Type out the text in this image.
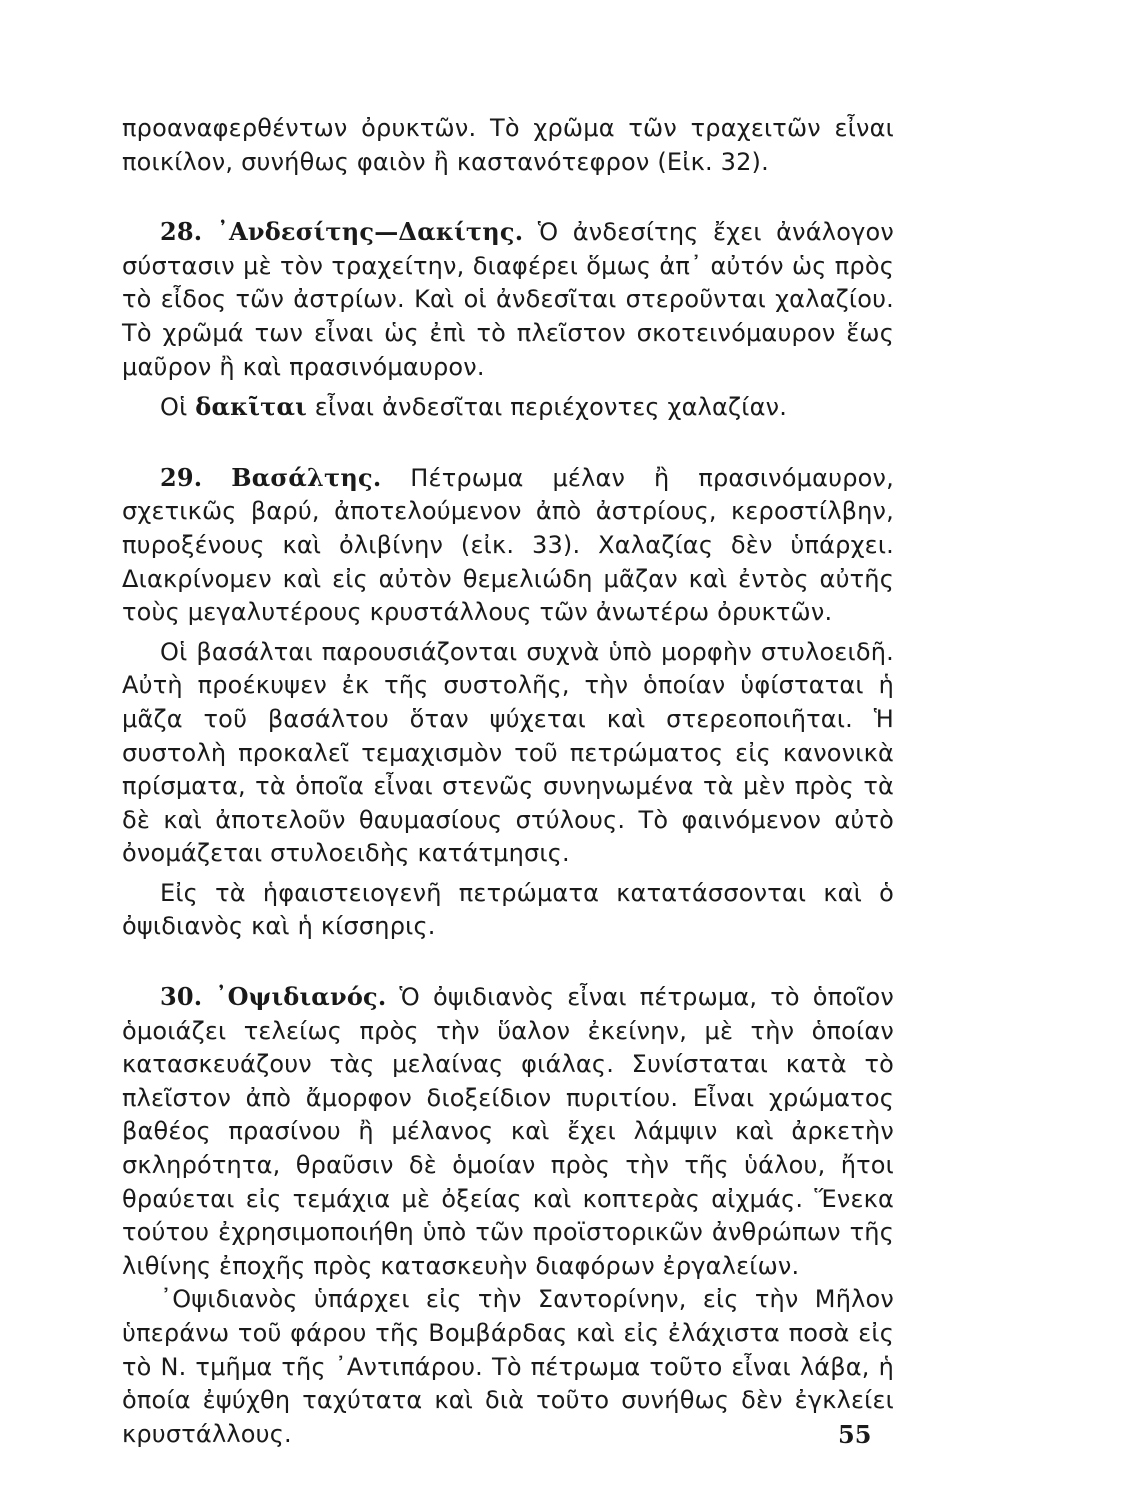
προαναφερθέντων ὀρυκτῶν. Τὸ χρῶμα τῶν τραχειτῶν εἶναι ποικίλον, συνήθως φαιὸν ἢ καστανότεφρον (Εἰκ. 32).

28. ᾿Ανδεσίτης—Δακίτης. Ὁ ἀνδεσίτης ἔχει ἀνάλογον σύστασιν μὲ τὸν τραχείτην, διαφέρει ὅμως ἀπ᾿ αὐτόν ὡς πρὸς τὸ εἶδος τῶν ἀστρίων. Καὶ οἱ ἀνδεσῖται στεροῦνται χαλαζίου. Τὸ χρῶμά των εἶναι ὡς ἐπὶ τὸ πλεῖστον σκοτεινόμαυρον ἕως μαῦρον ἢ καὶ πρασινόμαυρον.

Οἱ δακῖται εἶναι ἀνδεσῖται περιέχοντες χαλαζίαν.

29. Βασάλτης. Πέτρωμα μέλαν ἢ πρασινόμαυρον, σχετικῶς βαρύ, ἀποτελούμενον ἀπὸ ἀστρίους, κεροστίλβην, πυροξένους καὶ ὀλιβίνην (εἰκ. 33). Χαλαζίας δὲν ὑπάρχει. Διακρίνομεν καὶ εἰς αὐτὸν θεμελιώδη μᾶζαν καὶ ἐντὸς αὐτῆς τοὺς μεγαλυτέρους κρυστάλλους τῶν ἀνωτέρω ὀρυκτῶν.

Οἱ βασάλται παρουσιάζονται συχνὰ ὑπὸ μορφὴν στυλοειδῆ. Αὐτὴ προέκυψεν ἐκ τῆς συστολῆς, τὴν ὁποίαν ὑφίσταται ἡ μᾶζα τοῦ βασάλτου ὅταν ψύχεται καὶ στερεοποιῆται. Ἡ συστολὴ προκαλεῖ τεμαχισμὸν τοῦ πετρώματος εἰς κανονικὰ πρίσματα, τὰ ὁποῖα εἶναι στενῶς συνηνωμένα τὰ μὲν πρὸς τὰ δὲ καὶ ἀποτελοῦν θαυμασίους στύλους. Τὸ φαινόμενον αὐτὸ ὀνομάζεται στυλοειδὴς κατάτμησις.

Εἰς τὰ ἡφαιστειογενῆ πετρώματα κατατάσσονται καὶ ὁ ὀψιδιανὸς καὶ ἡ κίσσηρις.

30. ᾿Οψιδιανός. Ὁ ὀψιδιανὸς εἶναι πέτρωμα, τὸ ὁποῖον ὁμοιάζει τελείως πρὸς τὴν ὕαλον ἐκείνην, μὲ τὴν ὁποίαν κατασκευάζουν τὰς μελαίνας φιάλας. Συνίσταται κατὰ τὸ πλεῖστον ἀπὸ ἄμορφον διοξείδιον πυριτίου. Εἶναι χρώματος βαθέος πρασίνου ἢ μέλανος καὶ ἔχει λάμψιν καὶ ἀρκετὴν σκληρότητα, θραῦσιν δὲ ὁμοίαν πρὸς τὴν τῆς ὑάλου, ἤτοι θραύεται εἰς τεμάχια μὲ ὀξείας καὶ κοπτερὰς αἰχμάς. Ἕνεκα τούτου ἐχρησιμοποιήθη ὑπὸ τῶν προϊστορικῶν ἀνθρώπων τῆς λιθίνης ἐποχῆς πρὸς κατασκευὴν διαφόρων ἐργαλείων.

᾿Οψιδιανὸς ὑπάρχει εἰς τὴν Σαντορίνην, εἰς τὴν Μῆλον ὑπεράνω τοῦ φάρου τῆς Βομβάρδας καὶ εἰς ἐλάχιστα ποσὰ εἰς τὸ Ν. τμῆμα τῆς ᾿Αντιπάρου. Τὸ πέτρωμα τοῦτο εἶναι λάβα, ἡ ὁποία ἐψύχθη ταχύτατα καὶ διὰ τοῦτο συνήθως δὲν ἐγκλείει κρυστάλλους.	55
